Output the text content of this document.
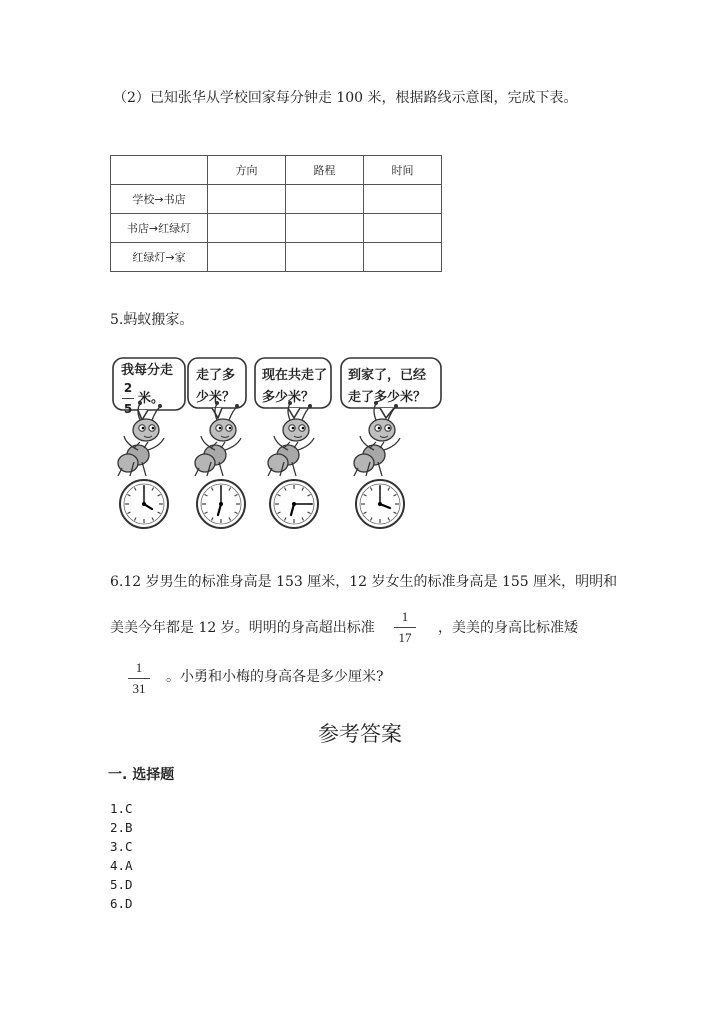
（2）已知张华从学校回家每分钟走 100 米，根据路线示意图，完成下表。
	方向	路程	时间
学校→书店			
书店→红绿灯			
红绿灯→家			
5.蚂蚁搬家。
我每分走
2
5
米。
走了多
少米？
现在共走了
多少米？
到家了，已经
走了多少米？
6.12 岁男生的标准身高是 153 厘米，12 岁女生的标准身高是 155 厘米，明明和
美美今年都是 12 岁。明明的身高超出标准
1
17
，美美的身高比标准矮
1
31
。小勇和小梅的身高各是多少厘米?
参考答案
一. 选择题
1.C
2.B
3.C
4.A
5.D
6.D
